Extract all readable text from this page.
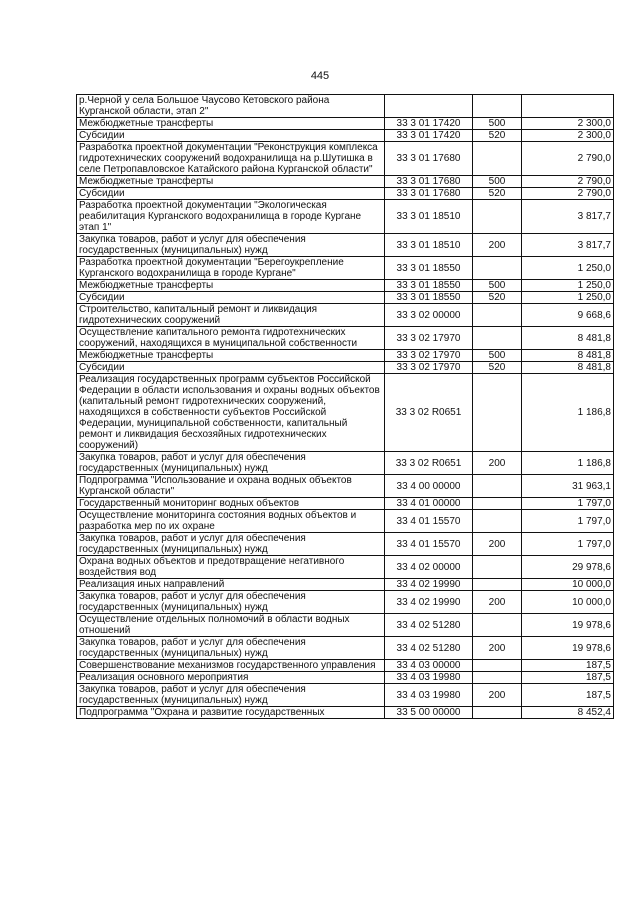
445
р.Черной у села Большое Чаусово Кетовского района Курганской области, этап 2"			
Межбюджетные трансферты	33 3 01 17420	500	2 300,0
Субсидии	33 3 01 17420	520	2 300,0
Разработка проектной документации "Реконструкция комплекса гидротехнических сооружений водохранилища на р.Шутишка в селе Петропавловское Катайского района Курганской области"	33 3 01 17680		2 790,0
Межбюджетные трансферты	33 3 01 17680	500	2 790,0
Субсидии	33 3 01 17680	520	2 790,0
Разработка проектной документации "Экологическая реабилитация Курганского водохранилища в городе Кургане этап 1"	33 3 01 18510		3 817,7
Закупка товаров, работ и услуг для обеспечения государственных (муниципальных) нужд	33 3 01 18510	200	3 817,7
Разработка проектной документации "Берегоукрепление Курганского водохранилища в городе Кургане"	33 3 01 18550		1 250,0
Межбюджетные трансферты	33 3 01 18550	500	1 250,0
Субсидии	33 3 01 18550	520	1 250,0
Строительство, капитальный ремонт и ликвидация гидротехнических сооружений	33 3 02 00000		9 668,6
Осуществление капитального ремонта гидротехнических сооружений, находящихся в муниципальной собственности	33 3 02 17970		8 481,8
Межбюджетные трансферты	33 3 02 17970	500	8 481,8
Субсидии	33 3 02 17970	520	8 481,8
Реализация государственных программ субъектов Российской Федерации в области использования и охраны водных объектов (капитальный ремонт гидротехнических сооружений, находящихся в собственности субъектов Российской Федерации, муниципальной собственности, капитальный ремонт и ликвидация бесхозяйных гидротехнических сооружений)	33 3 02 R0651		1 186,8
Закупка товаров, работ и услуг для обеспечения государственных (муниципальных) нужд	33 3 02 R0651	200	1 186,8
Подпрограмма "Использование и охрана водных объектов Курганской области"	33 4 00 00000		31 963,1
Государственный мониторинг водных объектов	33 4 01 00000		1 797,0
Осуществление мониторинга состояния водных объектов и разработка мер по их охране	33 4 01 15570		1 797,0
Закупка товаров, работ и услуг для обеспечения государственных (муниципальных) нужд	33 4 01 15570	200	1 797,0
Охрана водных объектов и предотвращение негативного воздействия вод	33 4 02 00000		29 978,6
Реализация иных направлений	33 4 02 19990		10 000,0
Закупка товаров, работ и услуг для обеспечения государственных (муниципальных) нужд	33 4 02 19990	200	10 000,0
Осуществление отдельных полномочий в области водных отношений	33 4 02 51280		19 978,6
Закупка товаров, работ и услуг для обеспечения государственных (муниципальных) нужд	33 4 02 51280	200	19 978,6
Совершенствование механизмов государственного управления	33 4 03 00000		187,5
Реализация основного мероприятия	33 4 03 19980		187,5
Закупка товаров, работ и услуг для обеспечения государственных (муниципальных) нужд	33 4 03 19980	200	187,5
Подпрограмма "Охрана и развитие государственных	33 5 00 00000		8 452,4
